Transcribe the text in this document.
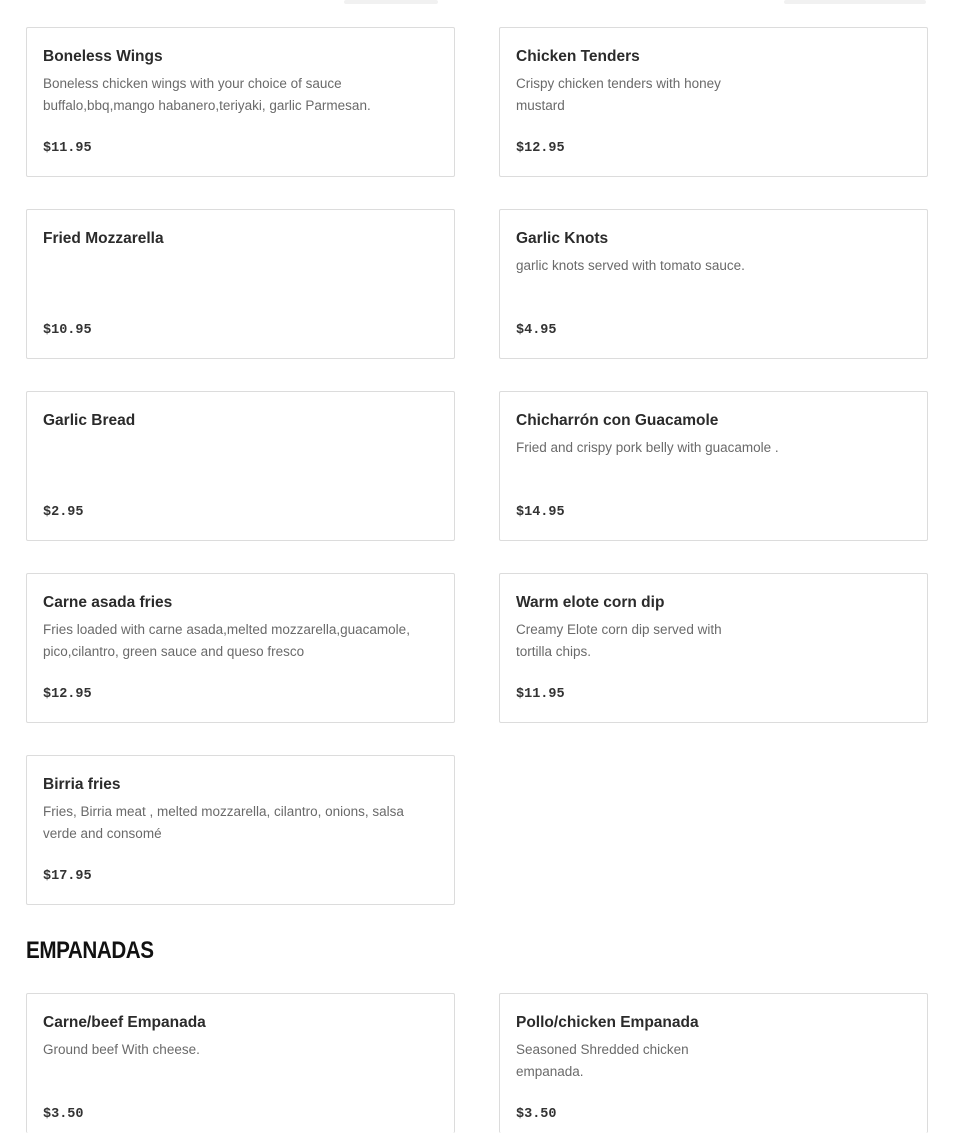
Boneless Wings
Boneless chicken wings with your choice of sauce buffalo,bbq,mango habanero,teriyaki, garlic Parmesan.
$11.95
Chicken Tenders
Crispy chicken tenders with honey mustard
$12.95
Fried Mozzarella
$10.95
Garlic Knots
garlic knots served with tomato sauce.
$4.95
Garlic Bread
$2.95
Chicharrón con Guacamole
Fried and crispy pork belly with guacamole .
$14.95
Carne asada fries
Fries loaded with carne asada,melted mozzarella,guacamole, pico,cilantro, green sauce and queso fresco
$12.95
Warm elote corn dip
Creamy Elote corn dip served with tortilla chips.
$11.95
Birria fries
Fries, Birria meat , melted mozzarella, cilantro, onions, salsa verde and consomé
$17.95
EMPANADAS
Carne/beef Empanada
Ground beef With cheese.
$3.50
Pollo/chicken Empanada
Seasoned Shredded chicken empanada.
$3.50
